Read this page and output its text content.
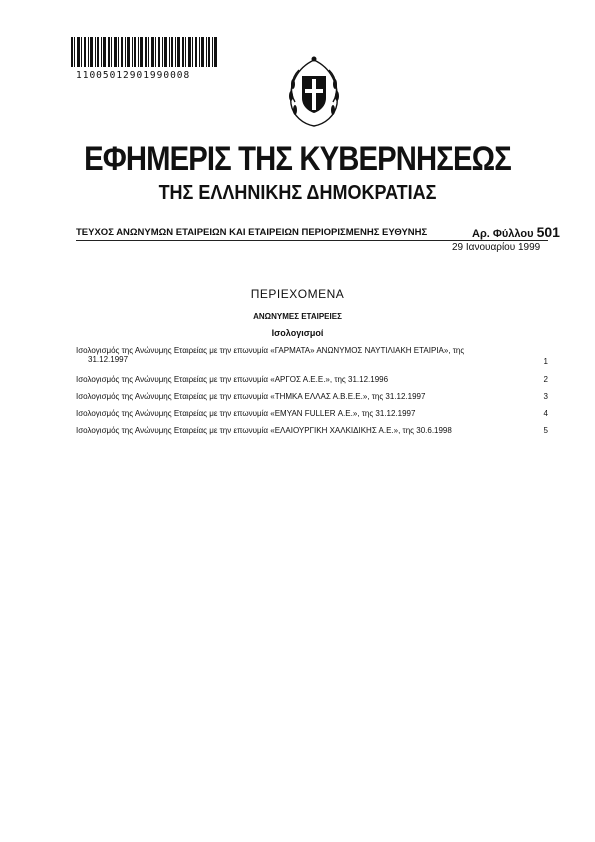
11005012901990008
ΕΦΗΜΕΡΙΣ ΤΗΣ ΚΥΒΕΡΝΗΣΕΩΣ
ΤΗΣ ΕΛΛΗΝΙΚΗΣ ΔΗΜΟΚΡΑΤΙΑΣ
ΤΕΥΧΟΣ ΑΝΩΝΥΜΩΝ ΕΤΑΙΡΕΙΩΝ ΚΑΙ ΕΤΑΙΡΕΙΩΝ ΠΕΡΙΟΡΙΣΜΕΝΗΣ ΕΥΘΥΝΗΣ	Αρ. Φύλλου 501
29 Ιανουαρίου 1999
ΠΕΡΙΕΧΟΜΕΝΑ
ΑΝΩΝΥΜΕΣ ΕΤΑΙΡΕΙΕΣ
Ισολογισμοί
Ισολογισμός της Ανώνυμης Εταιρείας με την επωνυμία «ΓΑΡΜΑΤΑ» ΑΝΩΝΥΜΟΣ ΝΑΥΤΙΛΙΑΚΗ ΕΤΑΙΡΙΑ», της
31.12.1997	1
Ισολογισμός της Ανώνυμης Εταιρείας με την επωνυμία «ΑΡΓΟΣ Α.Ε.Ε.», της 31.12.1996	2
Ισολογισμός της Ανώνυμης Εταιρείας με την επωνυμία «ΤΗΜΚΑ ΕΛΛΑΣ Α.Β.Ε.Ε.», της 31.12.1997	3
Ισολογισμός της Ανώνυμης Εταιρείας με την επωνυμία «ΕΜΥΑΝ FULLER Α.Ε.», της 31.12.1997	4
Ισολογισμός της Ανώνυμης Εταιρείας με την επωνυμία «ΕΛΑΙΟΥΡΓΙΚΗ ΧΑΛΚΙΔΙΚΗΣ Α.Ε.», της 30.6.1998	5
